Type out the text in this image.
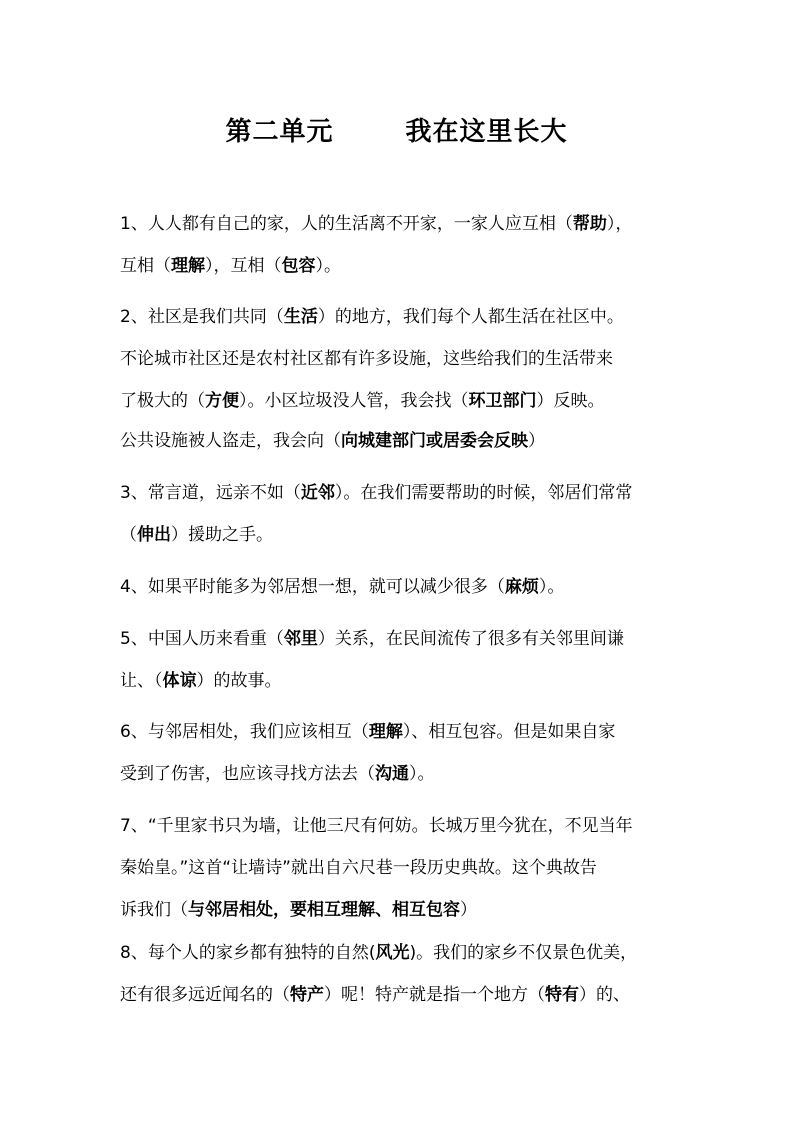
第二单元	我在这里长大
1、人人都有自己的家，人的生活离不开家，一家人应互相（帮助），
互相（理解），互相（包容）。
2、社区是我们共同（生活）的地方，我们每个人都生活在社区中。
不论城市社区还是农村社区都有许多设施，这些给我们的生活带来
了极大的（方便）。小区垃圾没人管，我会找（环卫部门）反映。
公共设施被人盗走，我会向（向城建部门或居委会反映）
3、常言道，远亲不如（近邻）。在我们需要帮助的时候，邻居们常常
（伸出）援助之手。
4、如果平时能多为邻居想一想，就可以减少很多（麻烦）。
5、中国人历来看重（邻里）关系，在民间流传了很多有关邻里间谦
让、（体谅）的故事。
6、与邻居相处，我们应该相互（理解）、相互包容。但是如果自家
受到了伤害，也应该寻找方法去（沟通）。
7、“千里家书只为墙，让他三尺有何妨。长城万里今犹在，不见当年
秦始皇。”这首“让墙诗”就出自六尺巷一段历史典故。这个典故告
诉我们（与邻居相处，要相互理解、相互包容）
8、每个人的家乡都有独特的自然(风光)。我们的家乡不仅景色优美，
还有很多远近闻名的（特产）呢！特产就是指一个地方（特有）的、
